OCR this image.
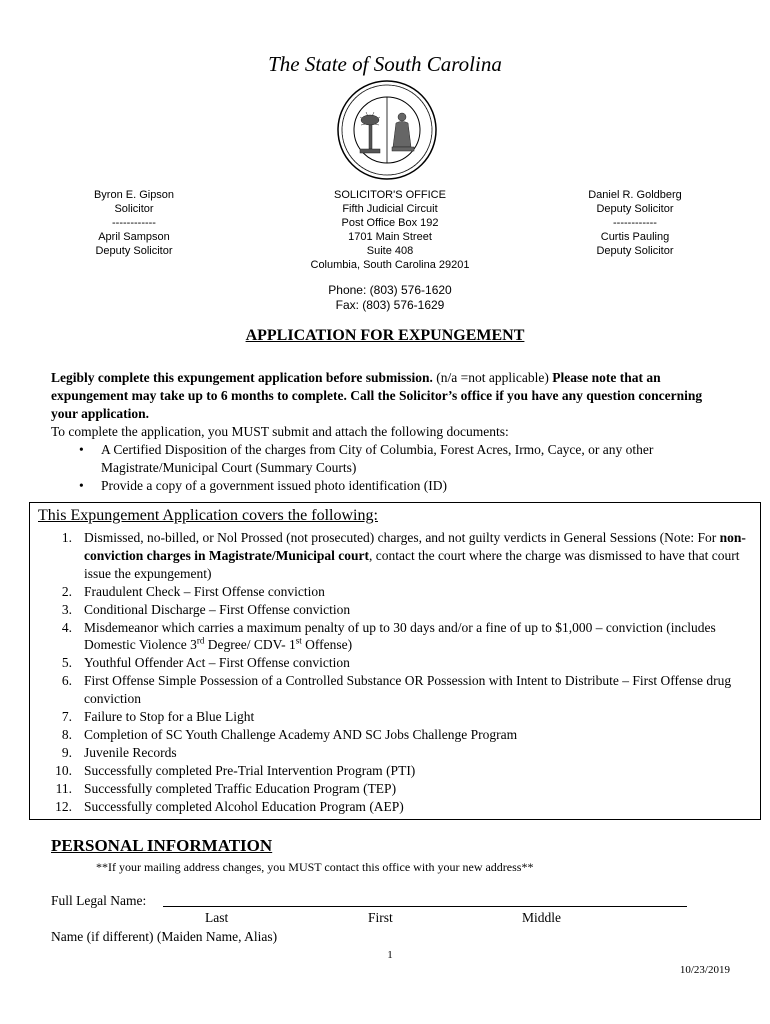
The State of South Carolina
Byron E. Gipson
Solicitor
------------
April Sampson
Deputy Solicitor
SOLICITOR'S OFFICE
Fifth Judicial Circuit
Post Office Box 192
1701 Main Street
Suite 408
Columbia, South Carolina 29201
Daniel R. Goldberg
Deputy Solicitor
------------
Curtis Pauling
Deputy Solicitor
Phone: (803) 576-1620
Fax: (803) 576-1629
APPLICATION FOR EXPUNGEMENT
Legibly complete this expungement application before submission. (n/a =not applicable) Please note that an expungement may take up to 6 months to complete. Call the Solicitor’s office if you have any question concerning your application.
To complete the application, you MUST submit and attach the following documents:
• A Certified Disposition of the charges from City of Columbia, Forest Acres, Irmo, Cayce, or any other Magistrate/Municipal Court (Summary Courts)
• Provide a copy of a government issued photo identification (ID)
This Expungement Application covers the following:
1. Dismissed, no-billed, or Nol Prossed (not prosecuted) charges, and not guilty verdicts in General Sessions (Note: For non-conviction charges in Magistrate/Municipal court, contact the court where the charge was dismissed to have that court issue the expungement)
2. Fraudulent Check – First Offense conviction
3. Conditional Discharge – First Offense conviction
4. Misdemeanor which carries a maximum penalty of up to 30 days and/or a fine of up to $1,000 – conviction (includes Domestic Violence 3rd Degree/ CDV- 1st Offense)
5. Youthful Offender Act – First Offense conviction
6. First Offense Simple Possession of a Controlled Substance OR Possession with Intent to Distribute – First Offense drug conviction
7. Failure to Stop for a Blue Light
8. Completion of SC Youth Challenge Academy AND SC Jobs Challenge Program
9. Juvenile Records
10. Successfully completed Pre-Trial Intervention Program (PTI)
11. Successfully completed Traffic Education Program (TEP)
12. Successfully completed Alcohol Education Program (AEP)
PERSONAL INFORMATION
**If your mailing address changes, you MUST contact this office with your new address**
Full Legal Name:
Last	First	Middle
Name (if different) (Maiden Name, Alias)
1
10/23/2019
